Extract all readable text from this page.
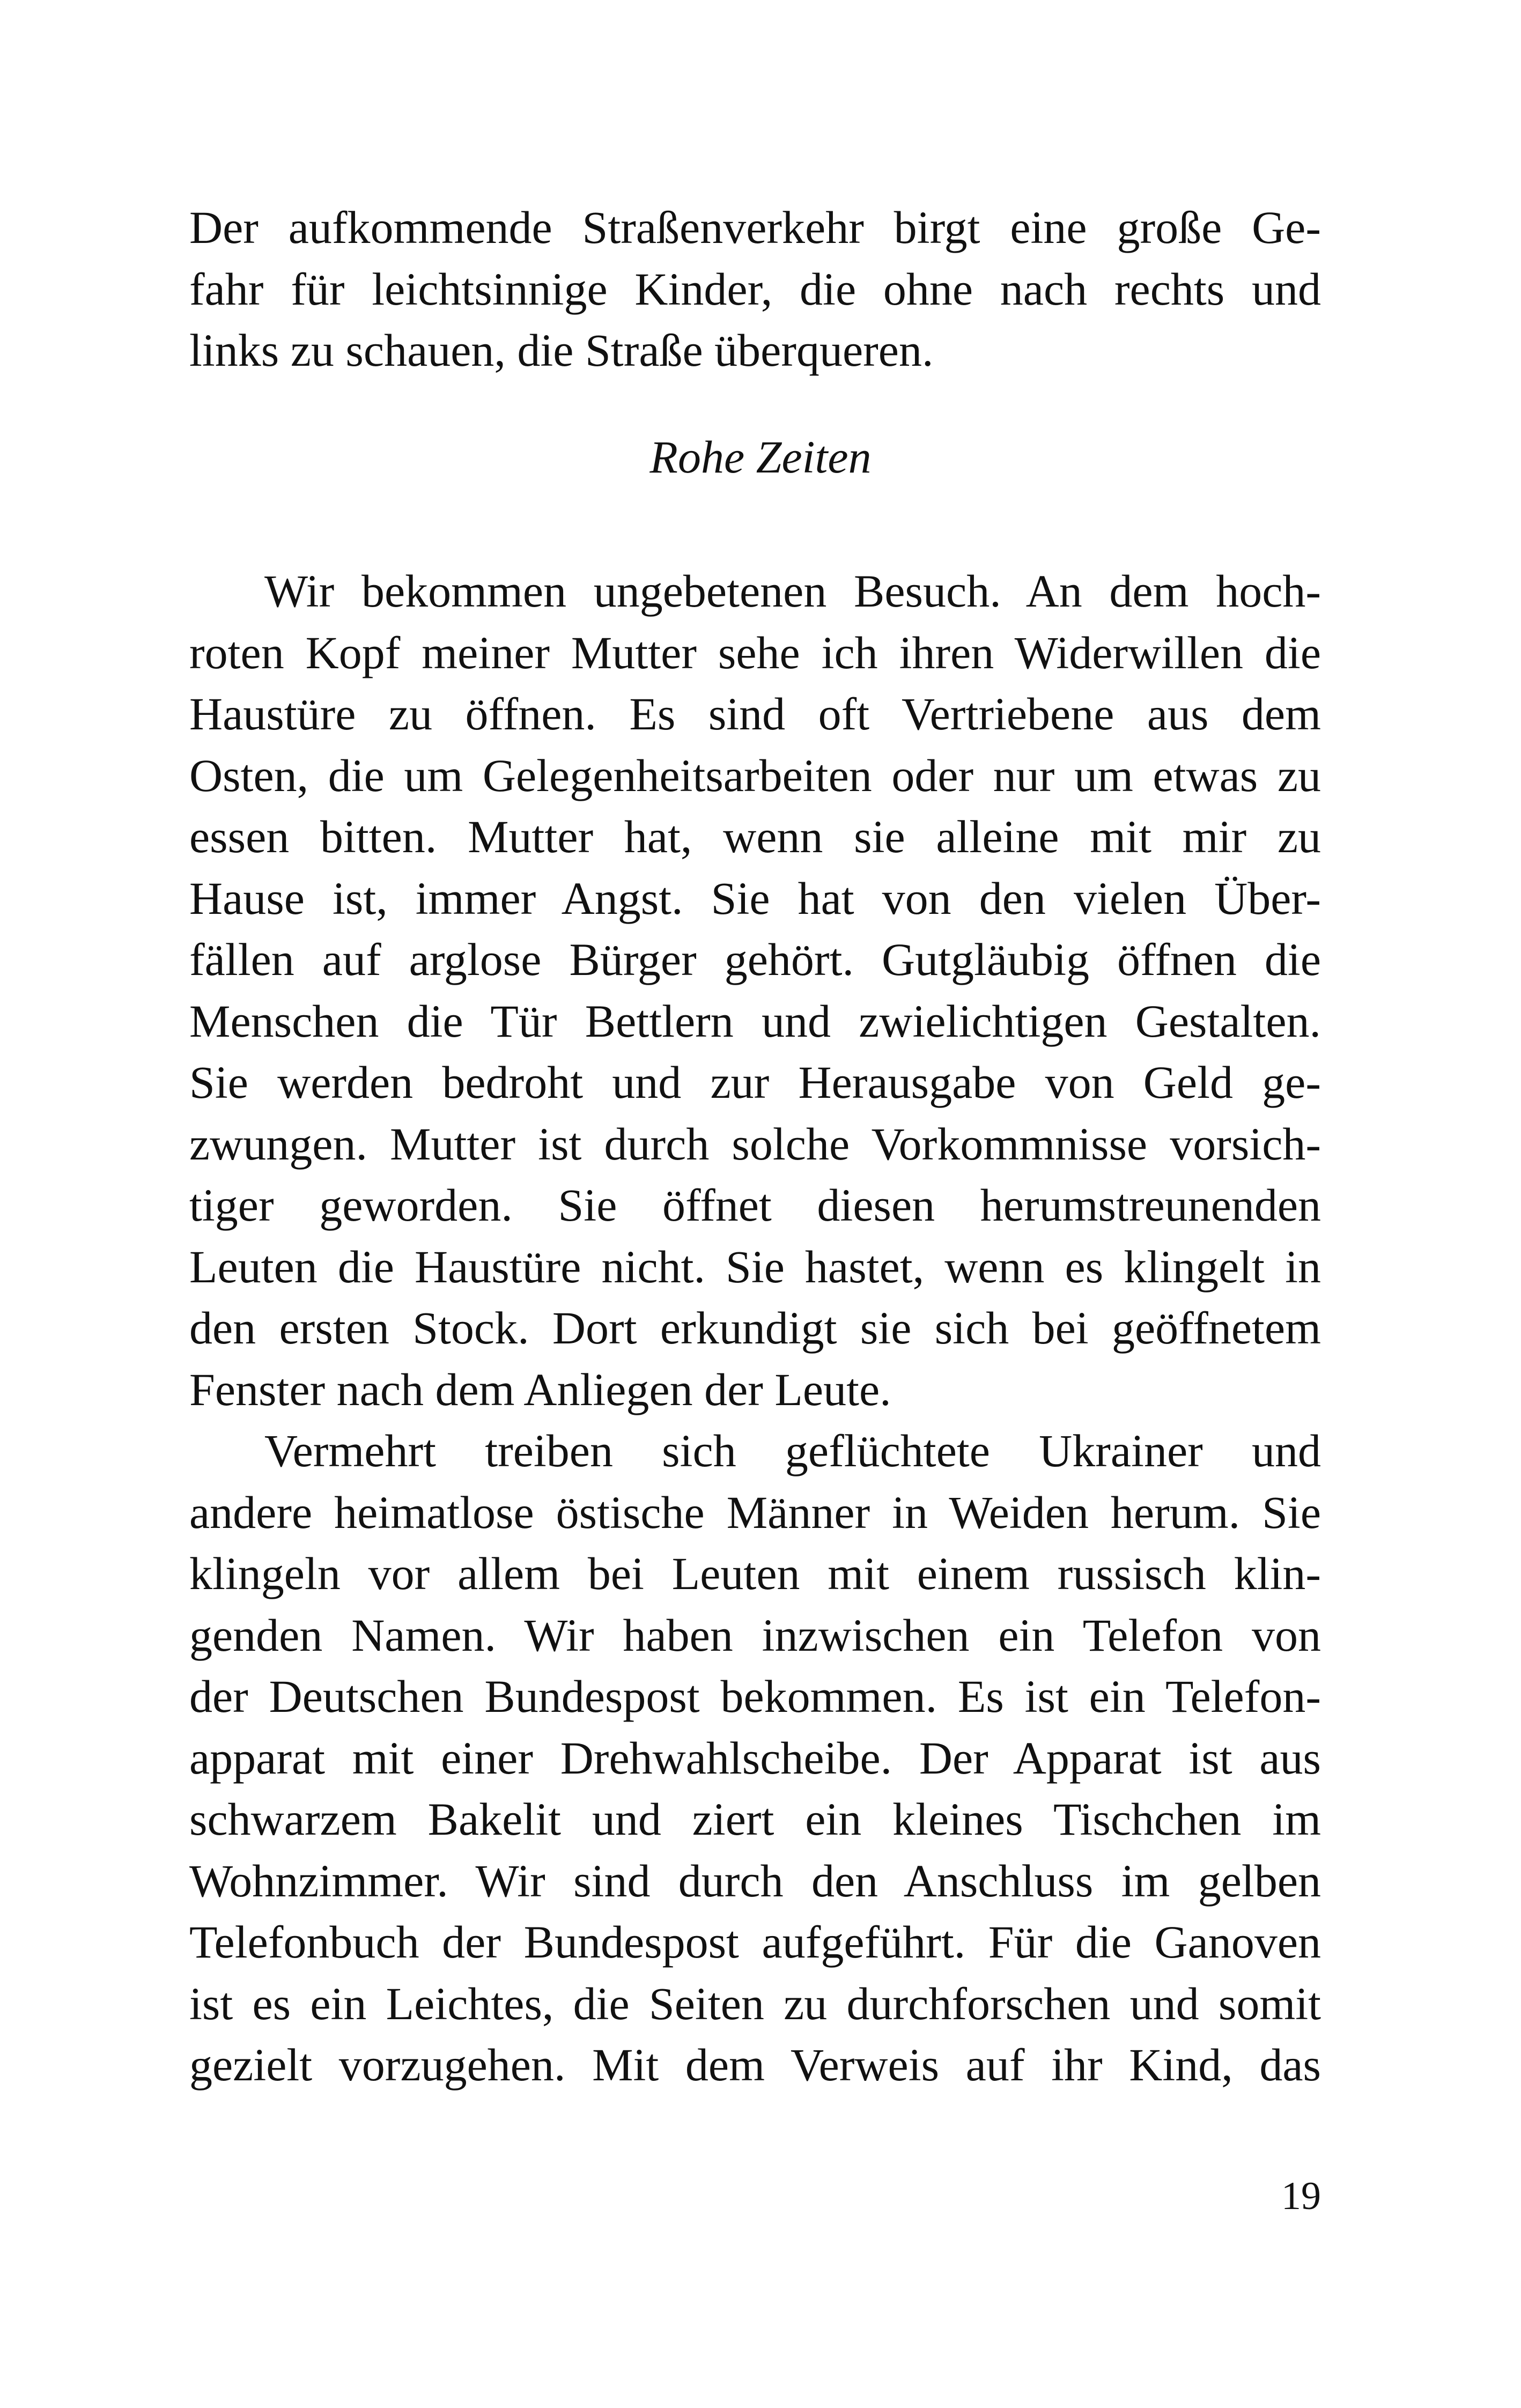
Der aufkommende Straßenverkehr birgt eine große Ge-
fahr für leichtsinnige Kinder, die ohne nach rechts und
links zu schauen, die Straße überqueren.
Rohe Zeiten
Wir bekommen ungebetenen Besuch. An dem hoch-
roten Kopf meiner Mutter sehe ich ihren Widerwillen die
Haustüre zu öffnen. Es sind oft Vertriebene aus dem
Osten, die um Gelegenheitsarbeiten oder nur um etwas zu
essen bitten. Mutter hat, wenn sie alleine mit mir zu
Hause ist, immer Angst. Sie hat von den vielen Über-
fällen auf arglose Bürger gehört. Gutgläubig öffnen die
Menschen die Tür Bettlern und zwielichtigen Gestalten.
Sie werden bedroht und zur Herausgabe von Geld ge-
zwungen. Mutter ist durch solche Vorkommnisse vorsich-
tiger geworden. Sie öffnet diesen herumstreunenden
Leuten die Haustüre nicht. Sie hastet, wenn es klingelt in
den ersten Stock. Dort erkundigt sie sich bei geöffnetem
Fenster nach dem Anliegen der Leute.
Vermehrt treiben sich geflüchtete Ukrainer und
andere heimatlose östische Männer in Weiden herum. Sie
klingeln vor allem bei Leuten mit einem russisch klin-
genden Namen. Wir haben inzwischen ein Telefon von
der Deutschen Bundespost bekommen. Es ist ein Telefon-
apparat mit einer Drehwahlscheibe. Der Apparat ist aus
schwarzem Bakelit und ziert ein kleines Tischchen im
Wohnzimmer. Wir sind durch den Anschluss im gelben
Telefonbuch der Bundespost aufgeführt. Für die Ganoven
ist es ein Leichtes, die Seiten zu durchforschen und somit
gezielt vorzugehen. Mit dem Verweis auf ihr Kind, das
19
